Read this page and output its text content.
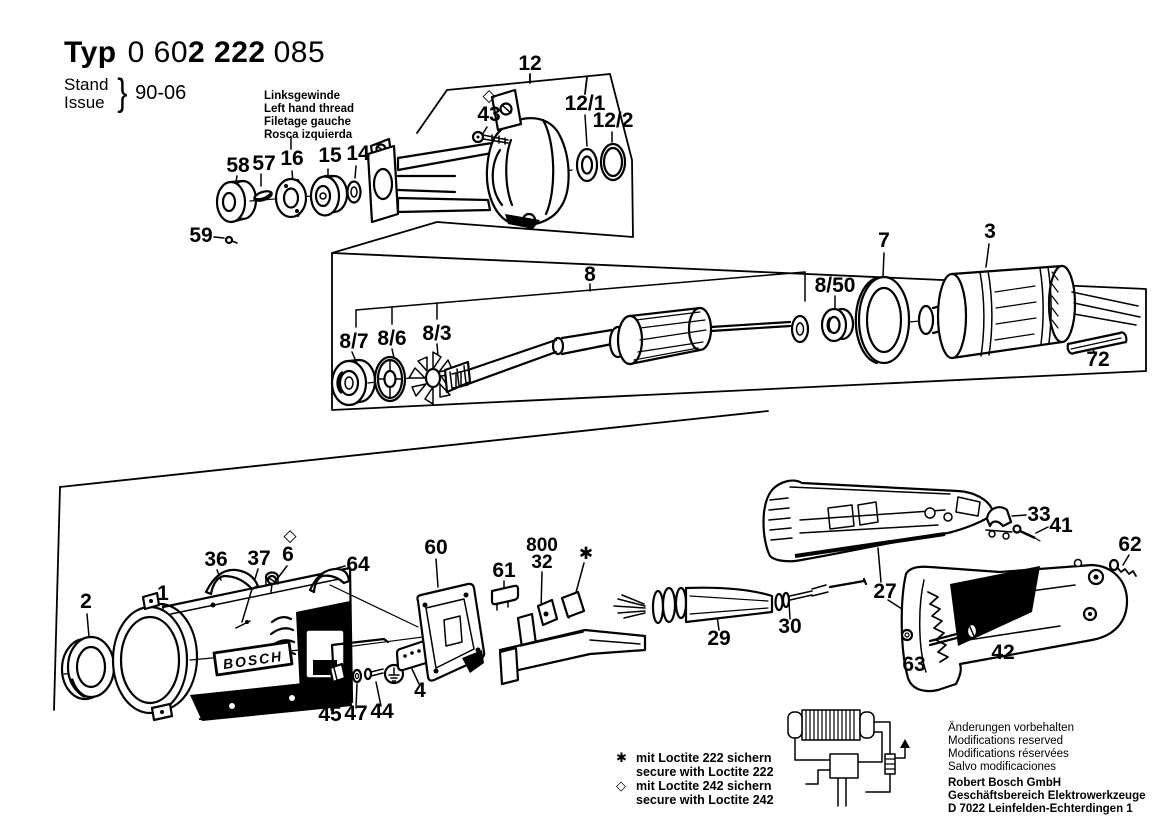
BOSCH
58 57 16 15 14
59
43
◇
12
12/1
12/2
8
8/7 8/6 8/3
8/50
7	3
72
2	1
36 37 6
◇
64
60
61
800
32 ✱
29
30
27
33
41
62
63
42
45 47 44
4
Typ 0 602 222 085
Stand
Issue } 90-06	Linksgewinde
Left hand thread
Filetage gauche
Rosca izquierda
✱ mit Loctite 222 sichern
secure with Loctite 222
◇ mit Loctite 242 sichern
secure with Loctite 242
Änderungen vorbehalten
Modifications reserved
Modifications réservées
Salvo modificaciones
Robert Bosch GmbH
Geschäftsbereich Elektrowerkzeuge
D 7022 Leinfelden-Echterdingen 1
